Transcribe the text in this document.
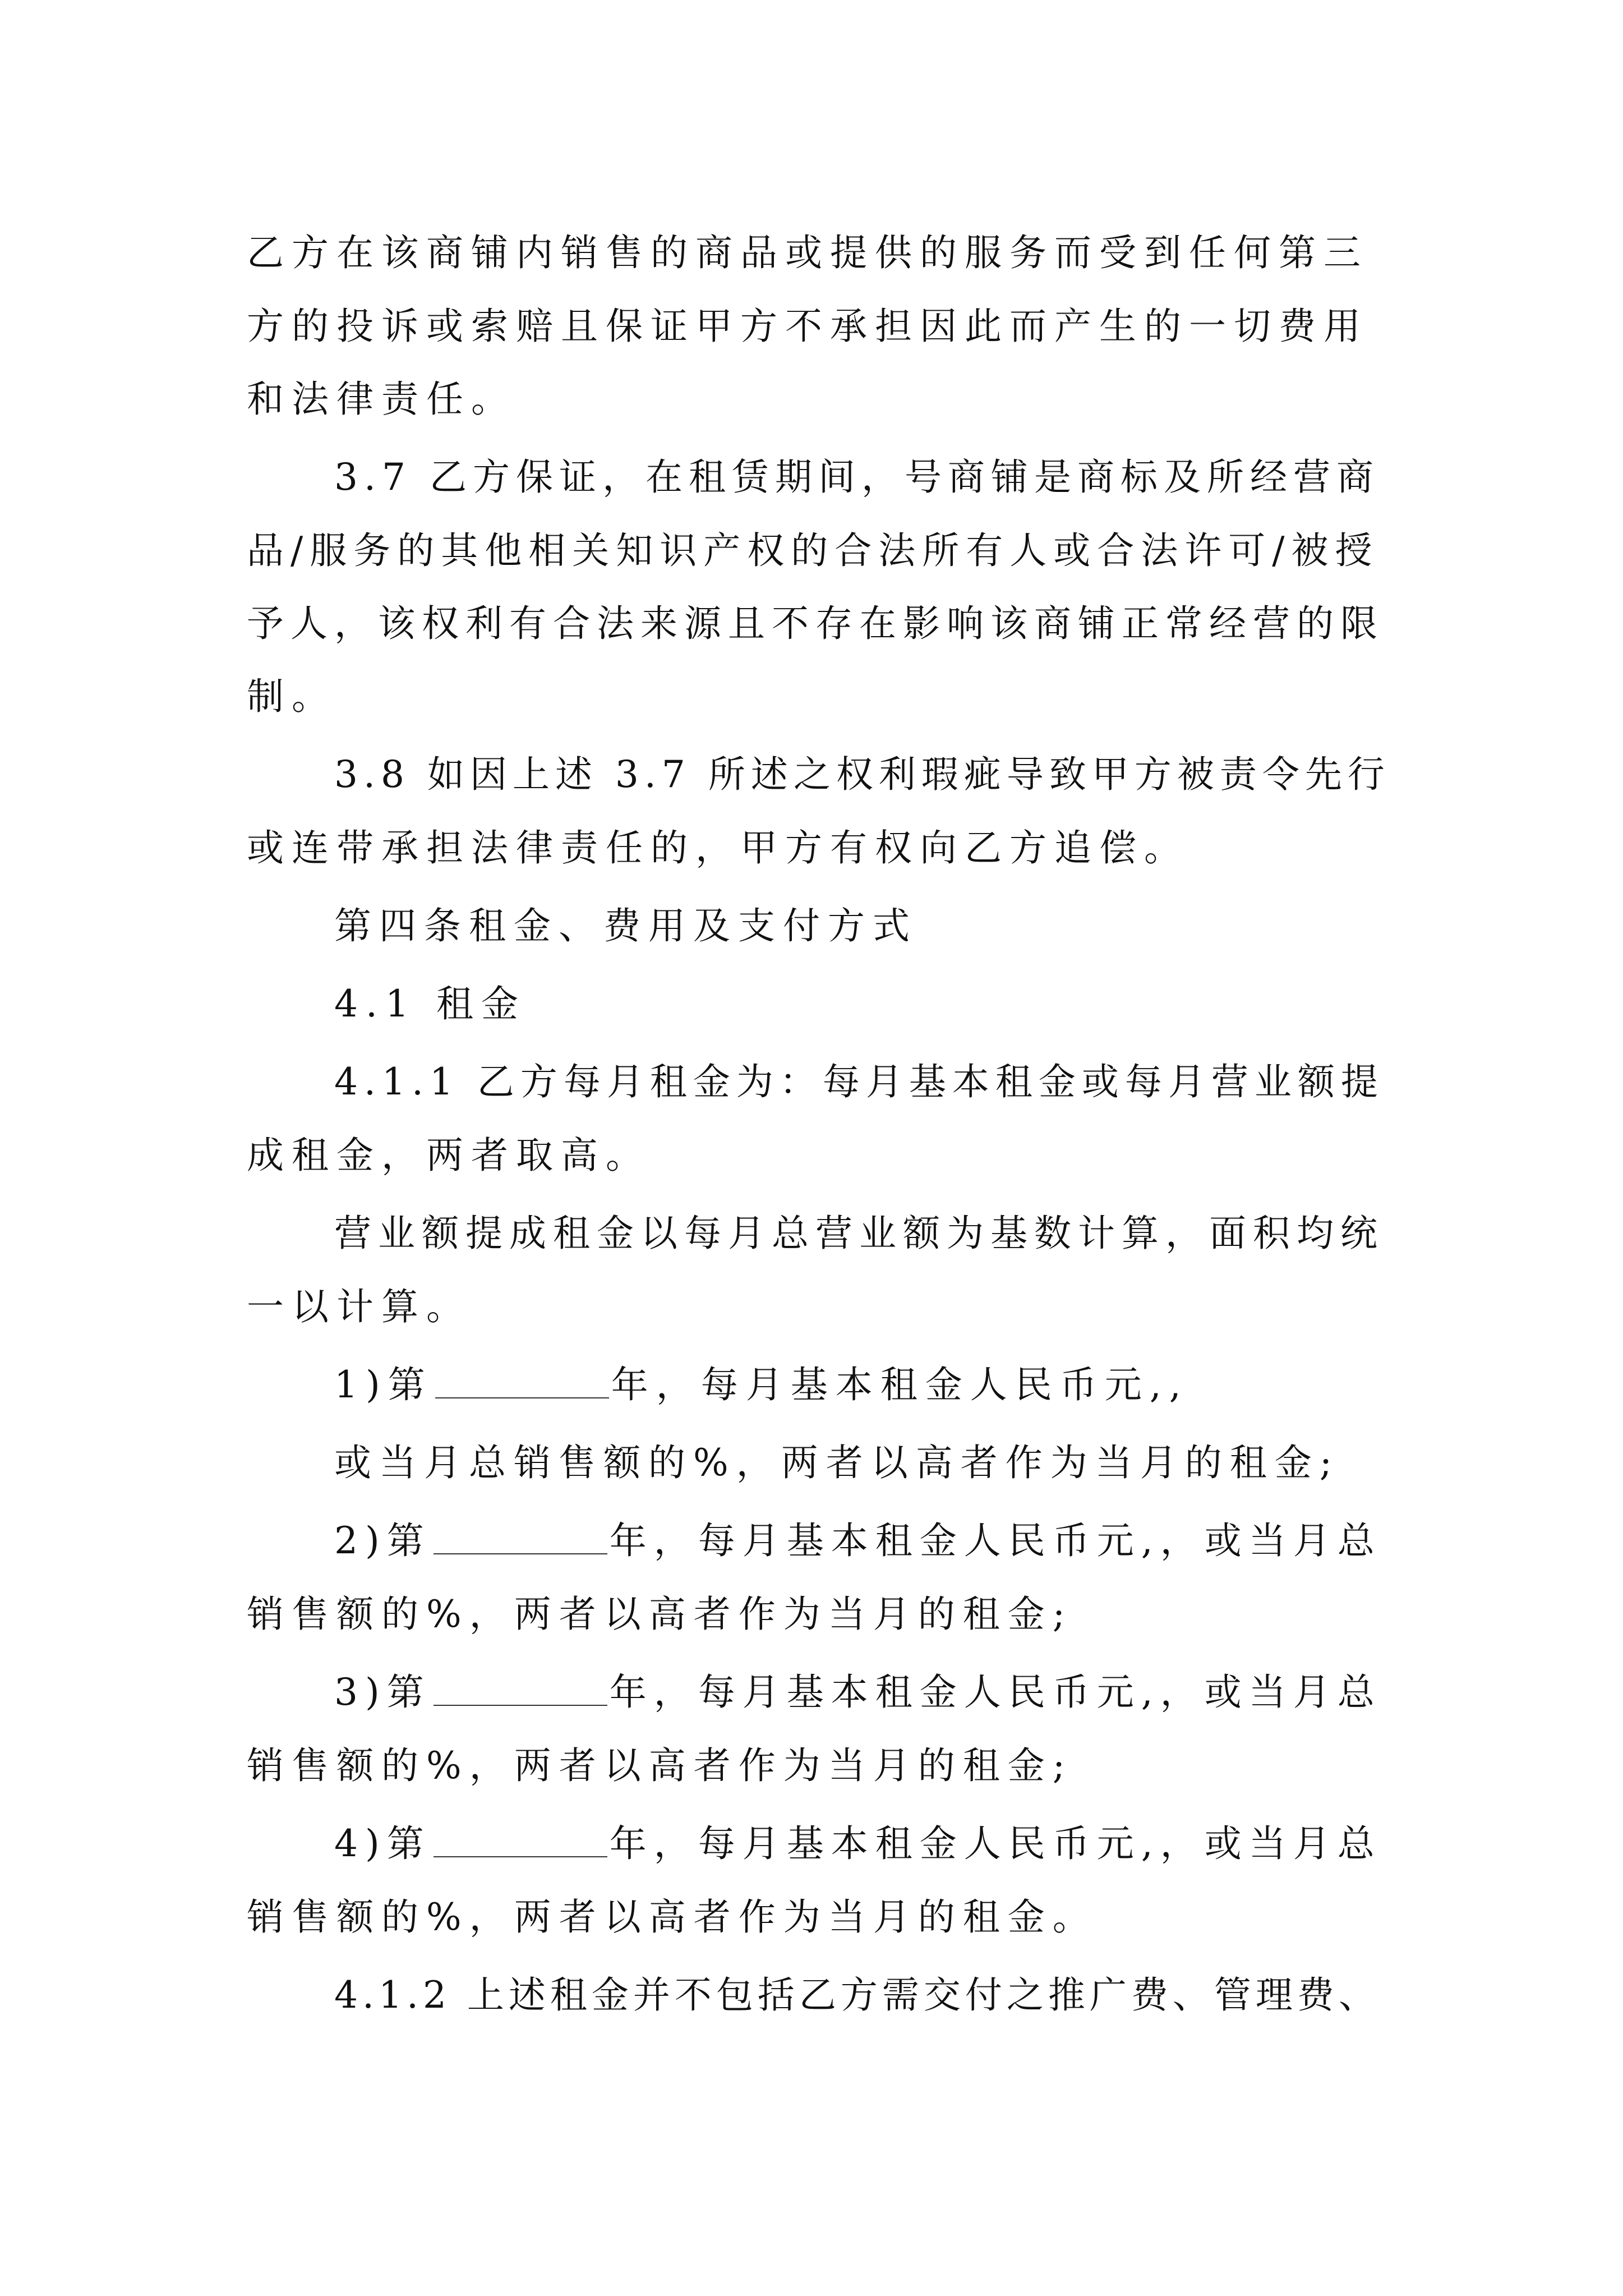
乙方在该商铺内销售的商品或提供的服务而受到任何第三
方的投诉或索赔且保证甲方不承担因此而产生的一切费用
和法律责任。
3.7 乙方保证，在租赁期间，号商铺是商标及所经营商
品/服务的其他相关知识产权的合法所有人或合法许可/被授
予人，该权利有合法来源且不存在影响该商铺正常经营的限
制。
3.8 如因上述 3.7 所述之权利瑕疵导致甲方被责令先行
或连带承担法律责任的，甲方有权向乙方追偿。
第四条租金、费用及支付方式
4.1 租金
4.1.1 乙方每月租金为：每月基本租金或每月营业额提
成租金，两者取高。
营业额提成租金以每月总营业额为基数计算，面积均统
一以计算。
1)第	年，每月基本租金人民币元,,
或当月总销售额的%，两者以高者作为当月的租金;
2)第	年，每月基本租金人民币元,，或当月总
销售额的%，两者以高者作为当月的租金;
3)第	年，每月基本租金人民币元,，或当月总
销售额的%，两者以高者作为当月的租金;
4)第	年，每月基本租金人民币元,，或当月总
销售额的%，两者以高者作为当月的租金。
4.1.2 上述租金并不包括乙方需交付之推广费、管理费、
